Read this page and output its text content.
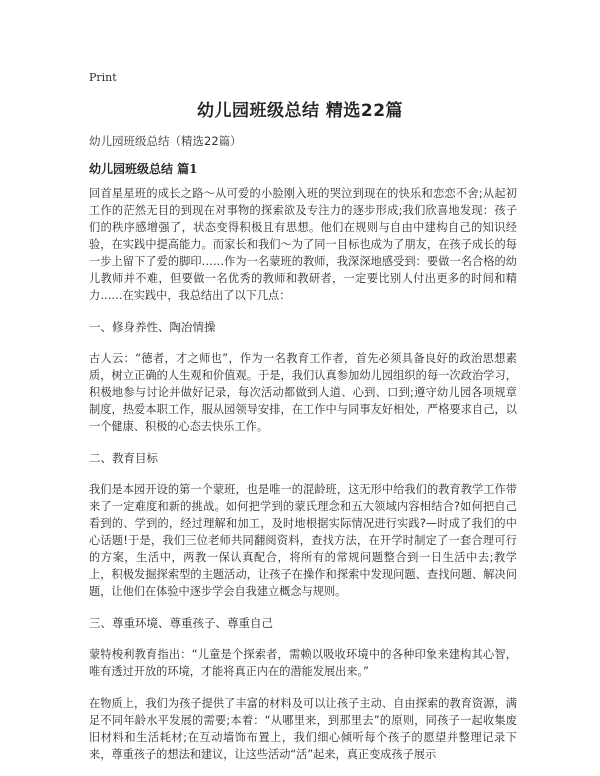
Print
幼儿园班级总结 精选22篇
幼儿园班级总结（精选22篇）
幼儿园班级总结 篇1

回首星星班的成长之路～从可爱的小脸刚入班的哭泣到现在的快乐和恋恋不舍;从起初工作的茫然无目的到现在对事物的探索欲及专注力的逐步形成;我们欣喜地发现：孩子们的秩序感增强了，状态变得积极且有思想。他们在规则与自由中建构自己的知识经验，在实践中提高能力。而家长和我们～为了同一目标也成为了朋友，在孩子成长的每一步上留下了爱的脚印……作为一名蒙班的教师，我深深地感受到：要做一名合格的幼儿教师并不难，但要做一名优秀的教师和教研者，一定要比别人付出更多的时间和精力……在实践中，我总结出了以下几点：

一、修身养性、陶冶情操

古人云：“德者，才之师也”，作为一名教育工作者，首先必须具备良好的政治思想素质，树立正确的人生观和价值观。于是，我们认真参加幼儿园组织的每一次政治学习，积极地参与讨论并做好记录，每次活动都做到人道、心到、口到;遵守幼儿园各项规章制度，热爱本职工作，服从园领导安排，在工作中与同事友好相处，严格要求自己，以一个健康、积极的心态去快乐工作。

二、教育目标

我们是本园开设的第一个蒙班，也是唯一的混龄班，这无形中给我们的教育教学工作带来了一定难度和新的挑战。如何把学到的蒙氏理念和五大领域内容相结合?如何把自己看到的、学到的，经过理解和加工，及时地根据实际情况进行实践?—时成了我们的中心话题!于是，我们三位老师共同翻阅资料，查找方法，在开学时制定了一套合理可行的方案，生活中，两教一保认真配合，将所有的常规问题整合到一日生活中去;教学上，积极发掘探索型的主题活动，让孩子在操作和探索中发现问题、查找问题、解决问题，让他们在体验中逐步学会自我建立概念与规则。

三、尊重环境、尊重孩子、尊重自己

蒙特梭利教育指出：“儿童是个探索者，需赖以吸收环境中的各种印象来建构其心智，唯有透过开放的环境，才能将真正内在的潜能发展出来。”

在物质上，我们为孩子提供了丰富的材料及可以让孩子主动、自由探索的教育资源，满足不同年龄水平发展的需要;本着：“从哪里来，到那里去”的原则，同孩子一起收集废旧材料和生活耗材;在互动墙饰布置上，我们细心倾听每个孩子的愿望并整理记录下来，尊重孩子的想法和建议，让这些活动“活”起来，真正变成孩子展示
